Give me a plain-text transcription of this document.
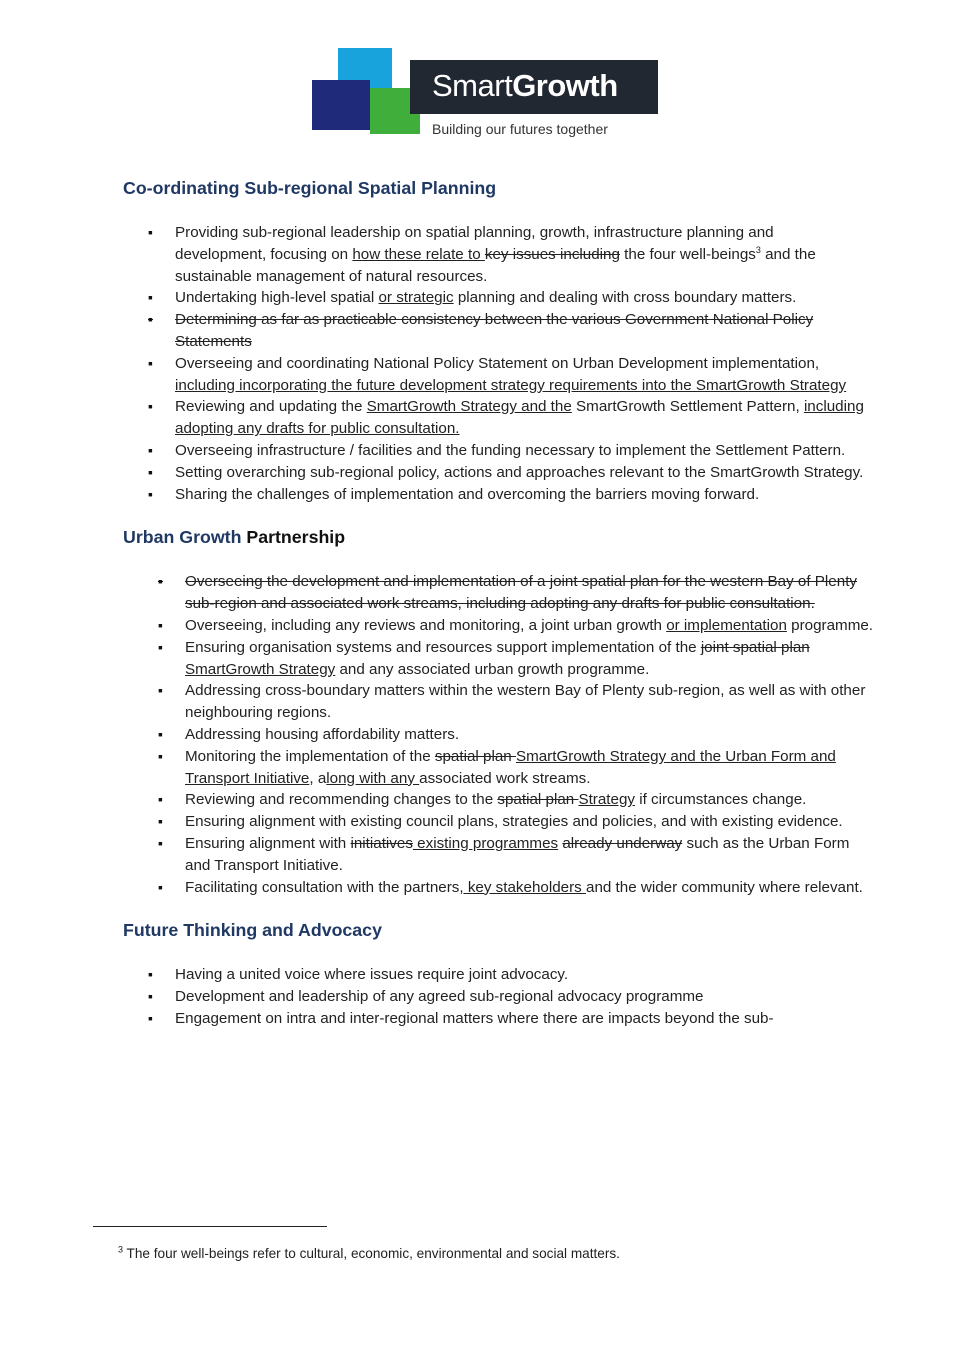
SmartGrowth
Building our futures together
Co-ordinating Sub-regional Spatial Planning
▪ Providing sub-regional leadership on spatial planning, growth, infrastructure planning and development, focusing on how these relate to key issues including the four well-beings$^3$ and the sustainable management of natural resources.
▪ Undertaking high-level spatial or strategic planning and dealing with cross boundary matters.
▪ Determining as far as practicable consistency between the various Government National Policy Statements
▪ Overseeing and coordinating National Policy Statement on Urban Development implementation, including incorporating the future development strategy requirements into the SmartGrowth Strategy
▪ Reviewing and updating the SmartGrowth Strategy and the SmartGrowth Settlement Pattern, including adopting any drafts for public consultation.
▪ Overseeing infrastructure / facilities and the funding necessary to implement the Settlement Pattern.
▪ Setting overarching sub-regional policy, actions and approaches relevant to the SmartGrowth Strategy.
▪ Sharing the challenges of implementation and overcoming the barriers moving forward.
Urban Growth Partnership
▪ Overseeing the development and implementation of a joint spatial plan for the western Bay of Plenty sub-region and associated work streams, including adopting any drafts for public consultation.
▪ Overseeing, including any reviews and monitoring, a joint urban growth or implementation programme.
▪ Ensuring organisation systems and resources support implementation of the joint spatial plan SmartGrowth Strategy and any associated urban growth programme.
▪ Addressing cross-boundary matters within the western Bay of Plenty sub-region, as well as with other neighbouring regions.
▪ Addressing housing affordability matters.
▪ Monitoring the implementation of the spatial plan SmartGrowth Strategy and the Urban Form and Transport Initiative, along with any associated work streams.
▪ Reviewing and recommending changes to the spatial plan Strategy if circumstances change.
▪ Ensuring alignment with existing council plans, strategies and policies, and with existing evidence.
▪ Ensuring alignment with initiatives existing programmes already underway such as the Urban Form and Transport Initiative.
▪ Facilitating consultation with the partners, key stakeholders and the wider community where relevant.
Future Thinking and Advocacy
▪ Having a united voice where issues require joint advocacy.
▪ Development and leadership of any agreed sub-regional advocacy programme
▪ Engagement on intra and inter-regional matters where there are impacts beyond the sub-
$^3$ The four well-beings refer to cultural, economic, environmental and social matters.
